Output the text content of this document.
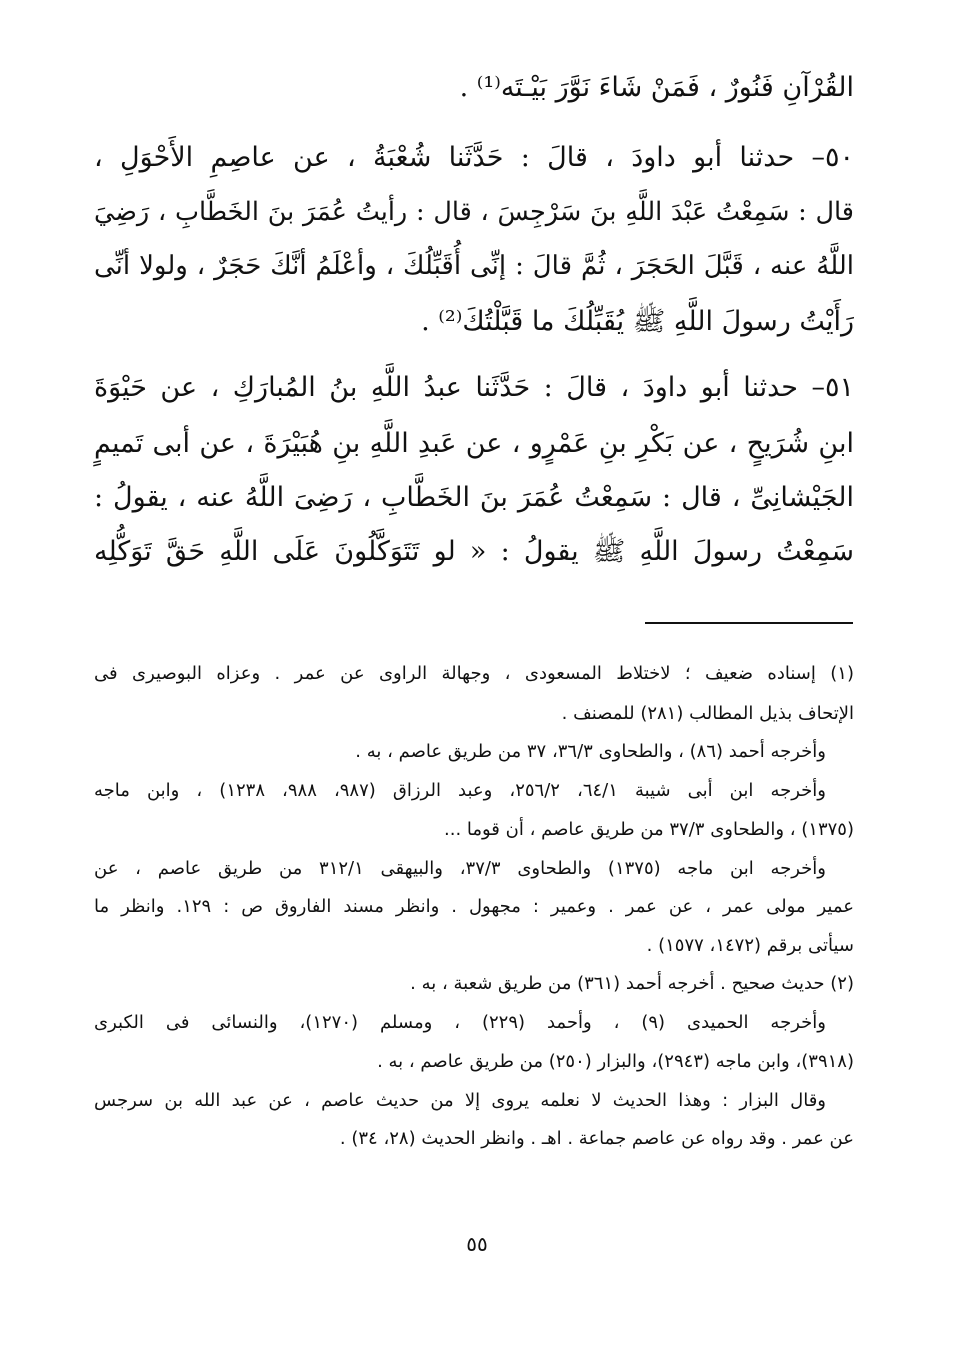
القُرْآنِ فَنُورٌ ، فَمَنْ شَاءَ نَوَّرَ بَيْـتَه⁽¹⁾ .
٥٠– حدثنا أبو داودَ ، قالَ : حَدَّثَنا شُعْبَةُ ، عن عاصِمِ الأَحْوَلِ ،
قال : سَمِعْتُ عَبْدَ اللَّهِ بنَ سَرْجِسَ ، قال : رأيتُ عُمَرَ بنَ الخَطَّابِ ، رَضِيَ
اللَّهُ عنه ، قَبَّلَ الحَجَرَ ، ثُمَّ قالَ : إنِّى أُقَبِّلُكَ ، وأعْلَمُ أنَّكَ حَجَرٌ ، ولولا أنِّى
رَأَيْتُ رسولَ اللَّهِ ﷺ يُقَبِّلُكَ ما قَبَّلْتُكَ⁽²⁾ .
٥١– حدثنا أبو داودَ ، قالَ : حَدَّثَنا عبدُ اللَّهِ بنُ المُبارَكِ ، عن حَيْوَةَ
ابنِ شُرَيحٍ ، عن بَكْرِ بنِ عَمْرٍو ، عن عَبدِ اللَّهِ بنِ هُبَيْرَةَ ، عن أبى تَميمٍ
الجَيْشانِىِّ ، قال : سَمِعْتُ عُمَرَ بنَ الخَطَّابِ ، رَضِىَ اللَّهُ عنه ، يقولُ :
سَمِعْتُ رسولَ اللَّهِ ﷺ يقولُ : « لو تَتَوَكَّلُونَ عَلَى اللَّهِ حَقَّ تَوَكُّلِه
(١) إسناده ضعيف ؛ لاختلاط المسعودى ، وجهالة الراوى عن عمر . وعزاه البوصيرى فى
الإتحاف بذيل المطالب (٢٨١) للمصنف .
وأخرجه أحمد (٨٦) ، والطحاوى ٣٦/٣، ٣٧ من طريق عاصم ، به .
وأخرجه ابن أبى شيبة ٦٤/١، ٢٥٦/٢، وعبد الرزاق (٩٨٧، ٩٨٨، ١٢٣٨) ، وابن ماجه
(١٣٧٥) ، والطحاوى ٣٧/٣ من طريق عاصم ، أن قوما ...
وأخرجه ابن ماجه (١٣٧٥) والطحاوى ٣٧/٣، والبيهقى ٣١٢/١ من طريق عاصم ، عن
عمير مولى عمر ، عن عمر . وعمير : مجهول . وانظر مسند الفاروق ص : ١٢٩. وانظر ما
سيأتى برقم (١٤٧٢، ١٥٧٧) .
(٢) حديث صحيح . أخرجه أحمد (٣٦١) من طريق شعبة ، به .
وأخرجه الحميدى (٩) ، وأحمد (٢٢٩) ، ومسلم (١٢٧٠)، والنسائى فى الكبرى
(٣٩١٨)، وابن ماجه (٢٩٤٣)، والبزار (٢٥٠) من طريق عاصم ، به .
وقال البزار : وهذا الحديث لا نعلمه يروى إلا من حديث عاصم ، عن عبد الله بن سرجس
عن عمر . وقد رواه عن عاصم جماعة . اهـ . وانظر الحديث (٢٨، ٣٤) .
٥٥
